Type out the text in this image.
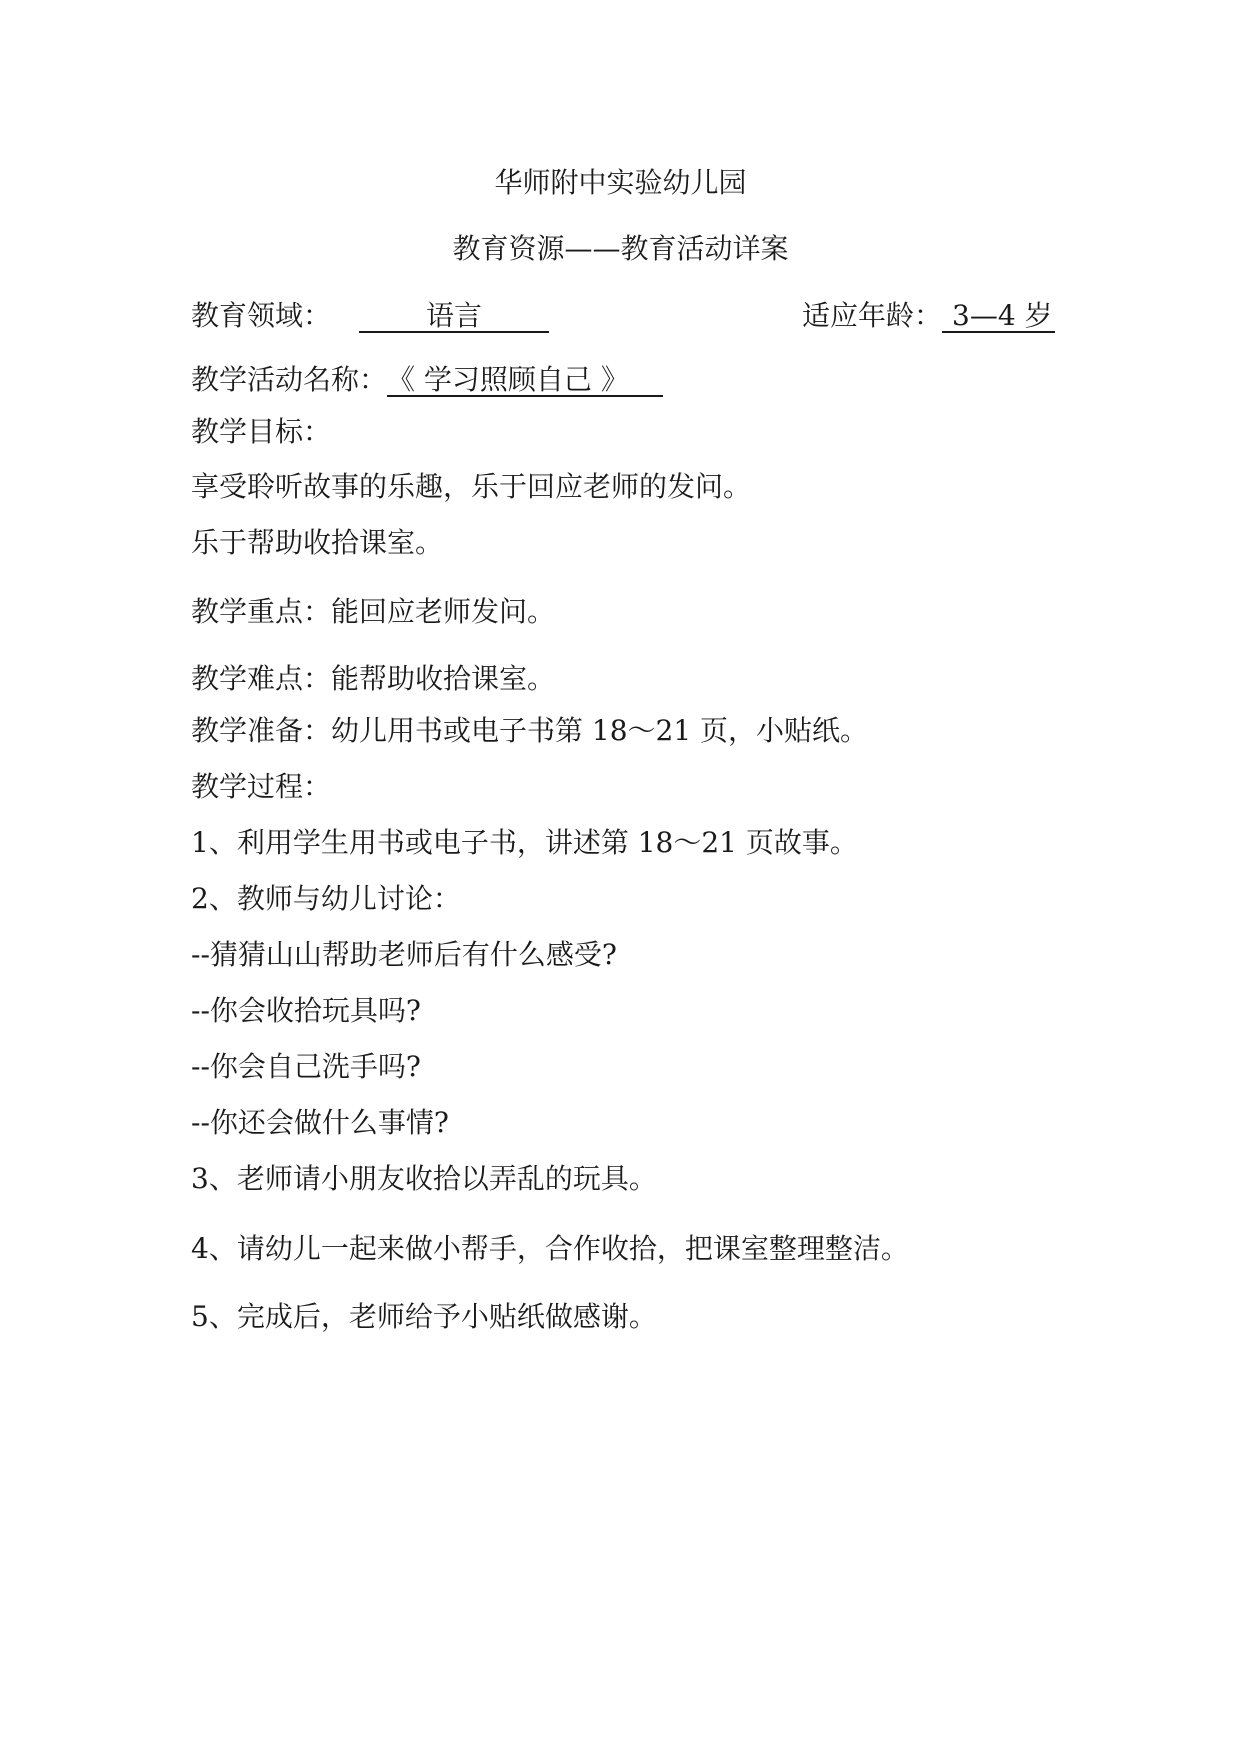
华师附中实验幼儿园
教育资源——教育活动详案
教育领域：	语言	适应年龄： 3—4 岁
教学活动名称：《 学习照顾自己 》
教学目标：
享受聆听故事的乐趣，乐于回应老师的发问。
乐于帮助收拾课室。
教学重点：能回应老师发问。
教学难点：能帮助收拾课室。
教学准备：幼儿用书或电子书第 18～21 页，小贴纸。
教学过程：
1、利用学生用书或电子书，讲述第 18～21 页故事。
2、教师与幼儿讨论：
--猜猜山山帮助老师后有什么感受?
--你会收拾玩具吗?
--你会自己洗手吗?
--你还会做什么事情?
3、老师请小朋友收拾以弄乱的玩具。
4、请幼儿一起来做小帮手，合作收拾，把课室整理整洁。
5、完成后，老师给予小贴纸做感谢。
